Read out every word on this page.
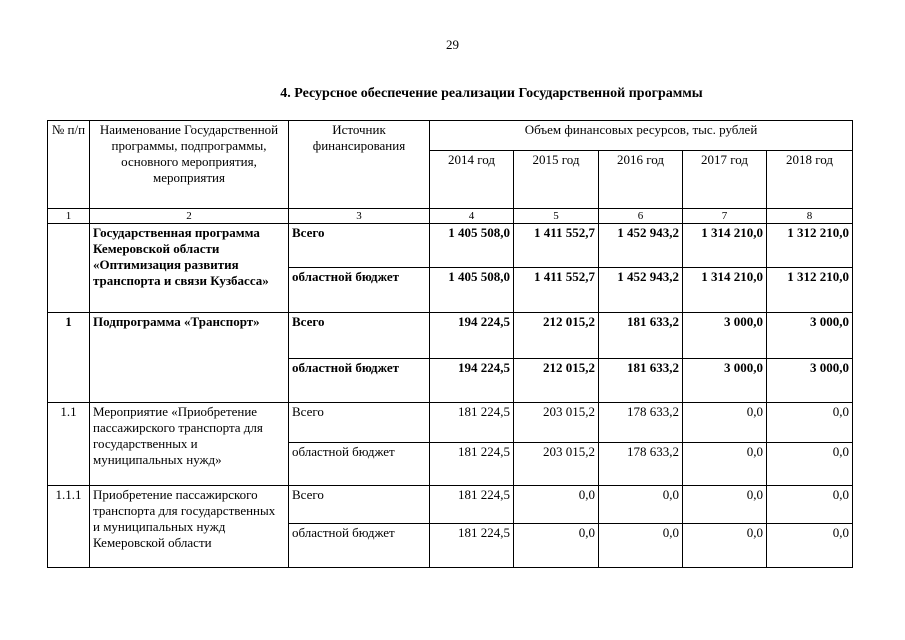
29
4. Ресурсное обеспечение реализации Государственной программы
№ п/п	Наименование Государственной программы, подпрограммы, основного мероприятия, мероприятия	Источник финансирования	Объем финансовых ресурсов, тыс. рублей				
			2014 год	2015 год	2016 год	2017 год	2018 год
1	2	3	4	5	6	7	8
	Государственная программа Кемеровской области «Оптимизация развития транспорта и связи Кузбасса»	Всего	1 405 508,0	1 411 552,7	1 452 943,2	1 314 210,0	1 312 210,0
		областной бюджет	1 405 508,0	1 411 552,7	1 452 943,2	1 314 210,0	1 312 210,0
1	Подпрограмма «Транспорт»	Всего	194 224,5	212 015,2	181 633,2	3 000,0	3 000,0
		областной бюджет	194 224,5	212 015,2	181 633,2	3 000,0	3 000,0
1.1	Мероприятие «Приобретение пассажирского транспорта для государственных и муниципальных нужд»	Всего	181 224,5	203 015,2	178 633,2	0,0	0,0
		областной бюджет	181 224,5	203 015,2	178 633,2	0,0	0,0
1.1.1	Приобретение пассажирского транспорта для государственных и муниципальных нужд Кемеровской области	Всего	181 224,5	0,0	0,0	0,0	0,0
		областной бюджет	181 224,5	0,0	0,0	0,0	0,0
